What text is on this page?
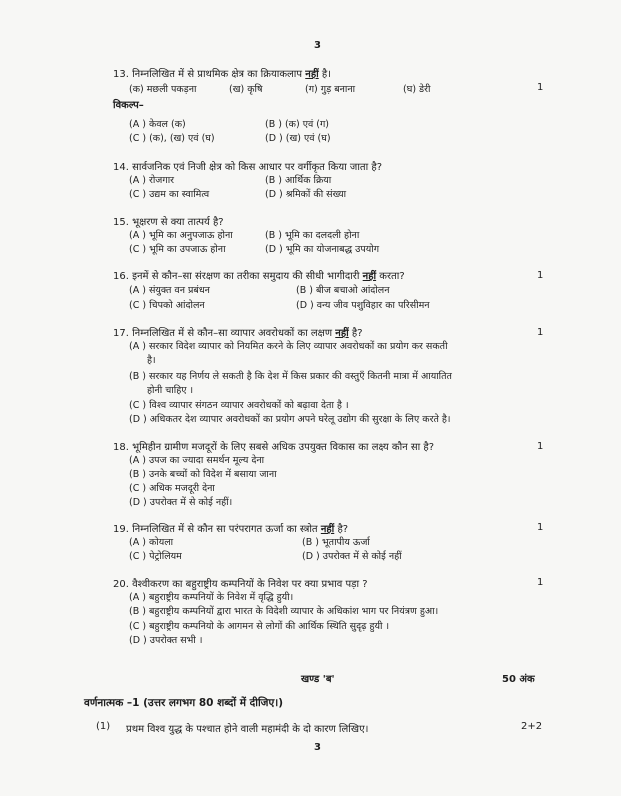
3
13. निम्नलिखित में से प्राथमिक क्षेत्र का क्रियाकलाप नहीं है।
(क) मछली पकड़ना	(ख) कृषि	(ग) गुड़ बनाना	(घ) डेरी	1
विकल्प–
(A ) केवल (क)	(B ) (क) एवं (ग)
(C ) (क), (ख) एवं (घ)	(D ) (ख) एवं (घ)
14. सार्वजनिक एवं निजी क्षेत्र को किस आधार पर वर्गीकृत किया जाता है?
(A ) रोजगार	(B ) आर्थिक क्रिया
(C ) उद्यम का स्वामित्व	(D ) श्रमिकों की संख्या
15. भूक्षरण से क्या तात्पर्य है?
(A ) भूमि का अनुपजाऊ होना	(B ) भूमि का दलदली होना
(C ) भूमि का उपजाऊ होना	(D ) भूमि का योजनाबद्ध उपयोग
16. इनमें से कौन–सा संरक्षण का तरीका समुदाय की सीधी भागीदारी नहीं करता?	1
(A ) संयुक्त वन प्रबंधन	(B ) बीज बचाओ आंदोलन
(C ) चिपको आंदोलन	(D ) वन्य जीव पशुविहार का परिसीमन
17. निम्नलिखित में से कौन–सा व्यापार अवरोधकों का लक्षण नहीं है?	1
(A ) सरकार विदेश व्यापार को नियमित करने के लिए व्यापार अवरोधकों का प्रयोग कर सकती
है।
(B ) सरकार यह निर्णय ले सकती है कि देश में किस प्रकार की वस्तुएँ कितनी मात्रा में आयातित
होनी चाहिए ।
(C ) विश्व व्यापार संगठन व्यापार अवरोधकों को बढ़ावा देता है ।
(D ) अधिकतर देश व्यापार अवरोधकों का प्रयोग अपने घरेलू उद्योग की सुरक्षा के लिए करते है।
18. भूमिहीन ग्रामीण मजदूरों के लिए सबसे अधिक उपयुक्त विकास का लक्ष्य कौन सा है?	1
(A ) उपज का ज्यादा समर्थन मूल्य देना
(B ) उनके बच्चों को विदेश में बसाया जाना
(C ) अधिक मजदूरी देना
(D ) उपरोक्त में से कोई नहीं।
19. निम्नलिखित में से कौन सा परंपरागत ऊर्जा का स्त्रोत नहीं है?	1
(A ) कोयला	(B ) भूतापीय ऊर्जा
(C ) पेट्रोलियम	(D ) उपरोक्त में से कोई नहीं
20. वैश्वीकरण का बहुराष्ट्रीय कम्पनियों के निवेश पर क्या प्रभाव पड़ा ?	1
(A ) बहुराष्ट्रीय कम्पनियों के निवेश में वृद्धि हुयी।
(B ) बहुराष्ट्रीय कम्पनियों द्वारा भारत के विदेशी व्यापार के अधिकांश भाग पर नियंत्रण हुआ।
(C ) बहुराष्ट्रीय कम्पनियो के आगमन से लोगों की आर्थिक स्थिति सुदृढ़ हुयी ।
(D ) उपरोक्त सभी ।
खण्ड 'ब'	50 अंक
वर्णनात्मक –1 (उत्तर लगभग 80 शब्दों में दीजिए।)
(1) प्रथम विश्व युद्ध के पश्चात होने वाली महामंदी के दो कारण लिखिए।	2+2
3
